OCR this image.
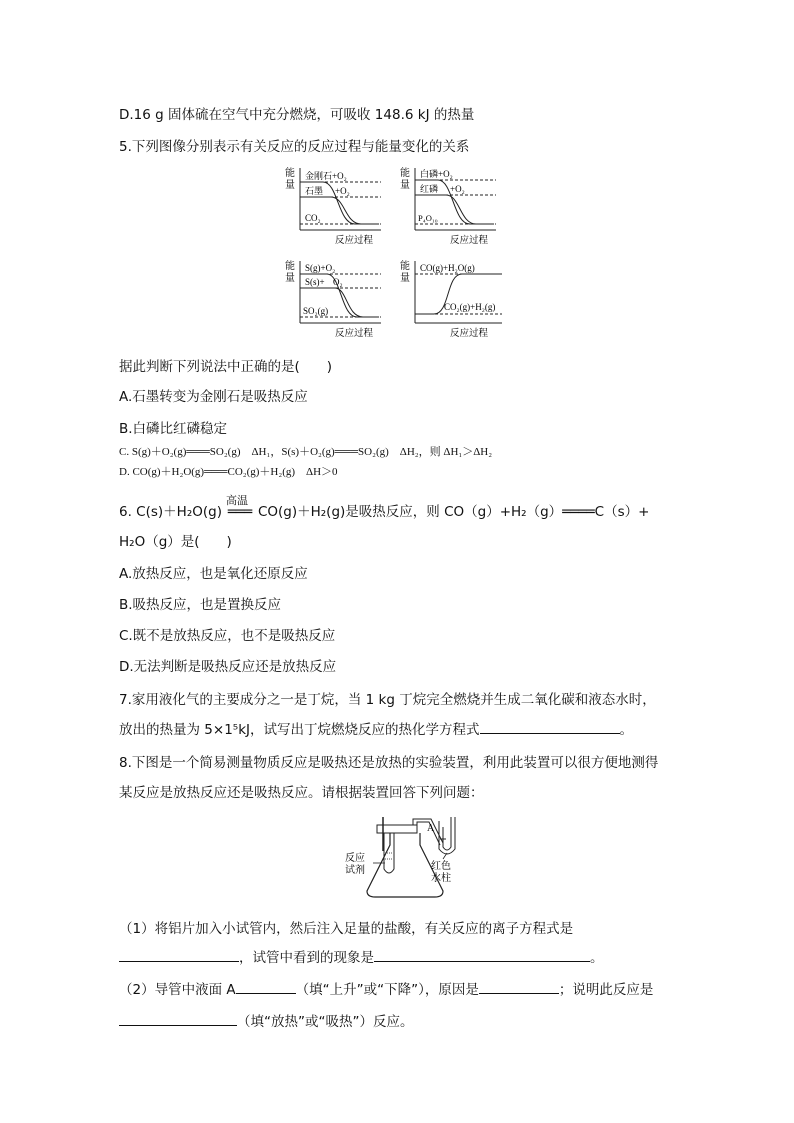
D.16 g 固体硫在空气中充分燃烧，可吸收 148.6 kJ 的热量
5.下列图像分别表示有关反应的反应过程与能量变化的关系
能
量
金刚石+O₂
石墨 +O₂
CO₂
反应过程
能
量
白磷+O₂
红磷 +O₂
P₄O₁₀
反应过程
能
量
S(g)+O₂
S(s)+ O₂
SO₂(g)
反应过程
能
量
CO(g)+H₂O(g)
CO₂(g)+H₂(g)
反应过程
据此判断下列说法中正确的是(　　)
A.石墨转变为金刚石是吸热反应
B.白磷比红磷稳定
C. S(g)＋O₂(g)═══SO₂(g)　ΔH₁，S(s)＋O₂(g)═══SO₂(g)　ΔH₂，则 ΔH₁＞ΔH₂
D. CO(g)＋H₂O(g)═══CO₂(g)＋H₂(g)　ΔH＞0
6. C(s)＋H₂O(g)
高温
═══ CO(g)＋H₂(g)是吸热反应，则 CO（g）+H₂（g）════C（s）+
H₂O（g）是(　　)
A.放热反应，也是氧化还原反应
B.吸热反应，也是置换反应
C.既不是放热反应，也不是吸热反应
D.无法判断是吸热反应还是放热反应
7.家用液化气的主要成分之一是丁烷，当 1 kg 丁烷完全燃烧并生成二氧化碳和液态水时，
放出的热量为 5×1⁵kJ，试写出丁烷燃烧反应的热化学方程式	。
8.下图是一个简易测量物质反应是吸热还是放热的实验装置，利用此装置可以很方便地测得
某反应是放热反应还是吸热反应。请根据装置回答下列问题：
A
反应
试剂	红色
水柱
（1）将铝片加入小试管内，然后注入足量的盐酸，有关反应的离子方程式是
，试管中看到的现象是	。
（2）导管中液面 A	（填“上升”或“下降”），原因是	；说明此反应是
（填“放热”或“吸热”）反应。
